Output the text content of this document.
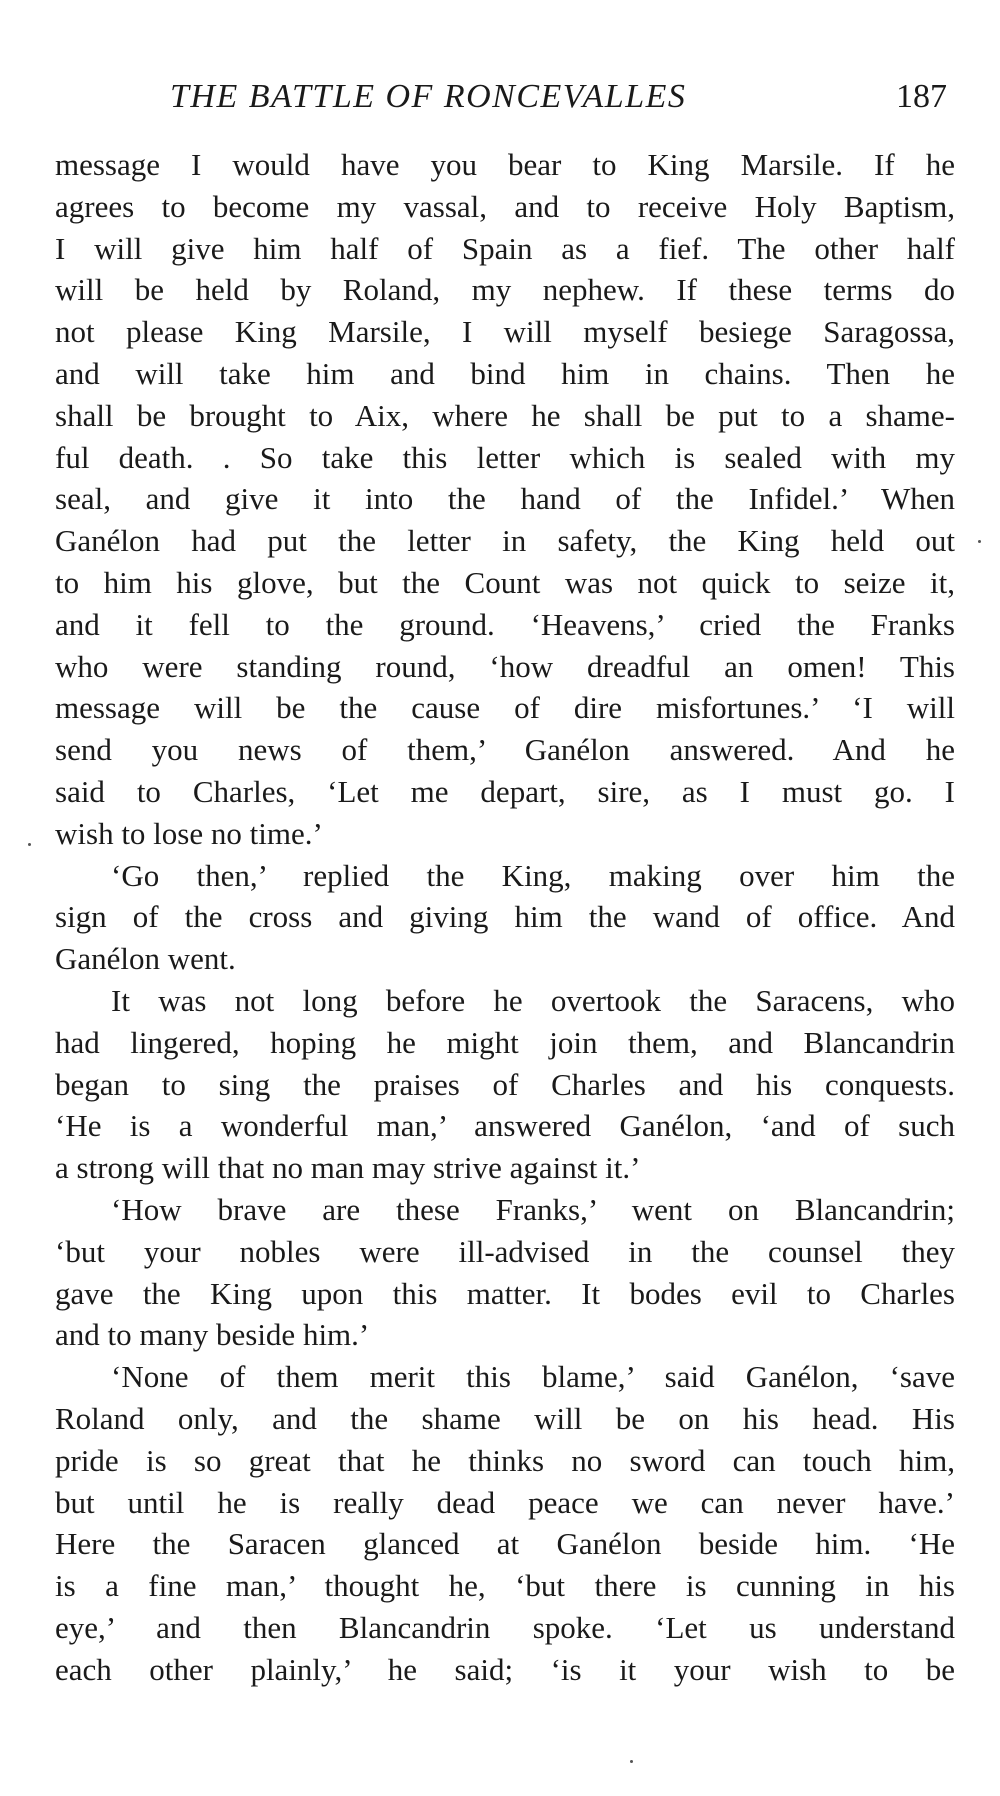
THE BATTLE OF RONCEVALLES	187
message I would have you bear to King Marsile. If he
agrees to become my vassal, and to receive Holy Baptism,
I will give him half of Spain as a fief. The other half
will be held by Roland, my nephew. If these terms do
not please King Marsile, I will myself besiege Saragossa,
and will take him and bind him in chains. Then he
shall be brought to Aix, where he shall be put to a shame-
ful death. . So take this letter which is sealed with my
seal, and give it into the hand of the Infidel.’ When
Ganélon had put the letter in safety, the King held out
to him his glove, but the Count was not quick to seize it,
and it fell to the ground. ‘Heavens,’ cried the Franks
who were standing round, ‘how dreadful an omen! This
message will be the cause of dire misfortunes.’ ‘I will
send you news of them,’ Ganélon answered. And he
said to Charles, ‘Let me depart, sire, as I must go. I
wish to lose no time.’
‘Go then,’ replied the King, making over him the
sign of the cross and giving him the wand of office. And
Ganélon went.
It was not long before he overtook the Saracens, who
had lingered, hoping he might join them, and Blancandrin
began to sing the praises of Charles and his conquests.
‘He is a wonderful man,’ answered Ganélon, ‘and of such
a strong will that no man may strive against it.’
‘How brave are these Franks,’ went on Blancandrin;
‘but your nobles were ill-advised in the counsel they
gave the King upon this matter. It bodes evil to Charles
and to many beside him.’
‘None of them merit this blame,’ said Ganélon, ‘save
Roland only, and the shame will be on his head. His
pride is so great that he thinks no sword can touch him,
but until he is really dead peace we can never have.’
Here the Saracen glanced at Ganélon beside him. ‘He
is a fine man,’ thought he, ‘but there is cunning in his
eye,’ and then Blancandrin spoke. ‘Let us understand
each other plainly,’ he said; ‘is it your wish to be
